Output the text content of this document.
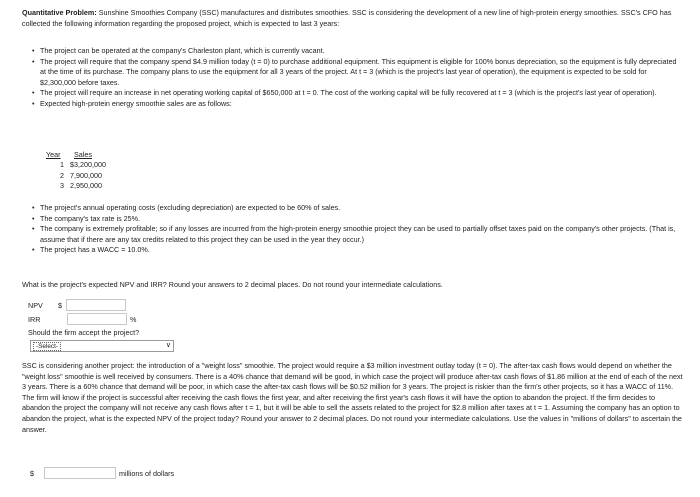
Quantitative Problem: Sunshine Smoothies Company (SSC) manufactures and distributes smoothies. SSC is considering the development of a new line of high-protein energy smoothies. SSC's CFO has collected the following information regarding the proposed project, which is expected to last 3 years:
• The project can be operated at the company's Charleston plant, which is currently vacant.
• The project will require that the company spend $4.9 million today (t = 0) to purchase additional equipment. This equipment is eligible for 100% bonus depreciation, so the equipment is fully depreciated at the time of its purchase. The company plans to use the equipment for all 3 years of the project. At t = 3 (which is the project's last year of operation), the equipment is expected to be sold for $2,300,000 before taxes.
• The project will require an increase in net operating working capital of $650,000 at t = 0. The cost of the working capital will be fully recovered at t = 3 (which is the project's last year of operation).
• Expected high-protein energy smoothie sales are as follows:
Year	Sales
1 $3,200,000
2 7,900,000
3 2,950,000
• The project's annual operating costs (excluding depreciation) are expected to be 60% of sales.
• The company's tax rate is 25%.
• The company is extremely profitable; so if any losses are incurred from the high-protein energy smoothie project they can be used to partially offset taxes paid on the company's other projects. (That is, assume that if there are any tax credits related to this project they can be used in the year they occur.)
• The project has a WACC = 10.0%.
What is the project's expected NPV and IRR? Round your answers to 2 decimal places. Do not round your intermediate calculations.
NPV	$
IRR	%
Should the firm accept the project?
-Select-	∨
SSC is considering another project: the introduction of a "weight loss" smoothie. The project would require a $3 million investment outlay today (t = 0). The after-tax cash flows would depend on whether the "weight loss" smoothie is well received by consumers. There is a 40% chance that demand will be good, in which case the project will produce after-tax cash flows of $1.86 million at the end of each of the next 3 years. There is a 60% chance that demand will be poor, in which case the after-tax cash flows will be $0.52 million for 3 years. The project is riskier than the firm's other projects, so it has a WACC of 11%. The firm will know if the project is successful after receiving the cash flows the first year, and after receiving the first year's cash flows it will have the option to abandon the project. If the firm decides to abandon the project the company will not receive any cash flows after t = 1, but it will be able to sell the assets related to the project for $2.8 million after taxes at t = 1. Assuming the company has an option to abandon the project, what is the expected NPV of the project today? Round your answer to 2 decimal places. Do not round your intermediate calculations. Use the values in "millions of dollars" to ascertain the answer.
$	millions of dollars
